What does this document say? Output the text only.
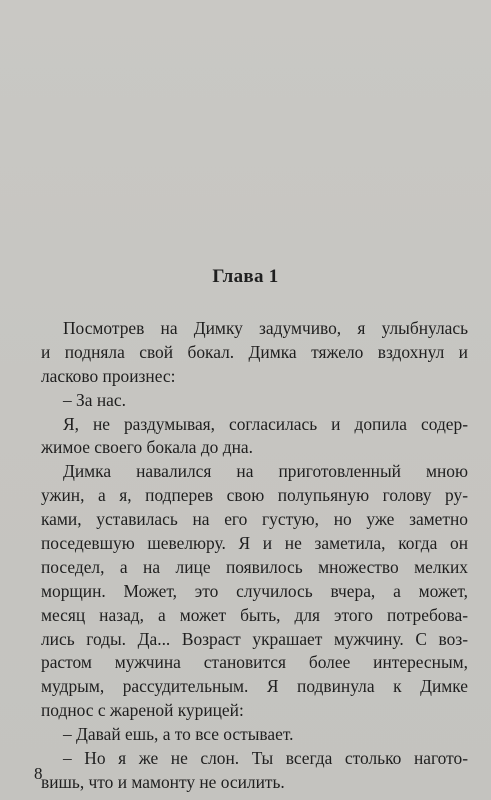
Глава 1
Посмотрев на Димку задумчиво, я улыбнулась
и подняла свой бокал. Димка тяжело вздохнул и
ласково произнес:
– За нас.
Я, не раздумывая, согласилась и допила содер-
жимое своего бокала до дна.
Димка навалился на приготовленный мною
ужин, а я, подперев свою полупьяную голову ру-
ками, уставилась на его густую, но уже заметно
поседевшую шевелюру. Я и не заметила, когда он
поседел, а на лице появилось множество мелких
морщин. Может, это случилось вчера, а может,
месяц назад, а может быть, для этого потребова-
лись годы. Да... Возраст украшает мужчину. С воз-
растом мужчина становится более интересным,
мудрым, рассудительным. Я подвинула к Димке
поднос с жареной курицей:
– Давай ешь, а то все остывает.
– Но я же не слон. Ты всегда столько нагото-
вишь, что и мамонту не осилить.
8
